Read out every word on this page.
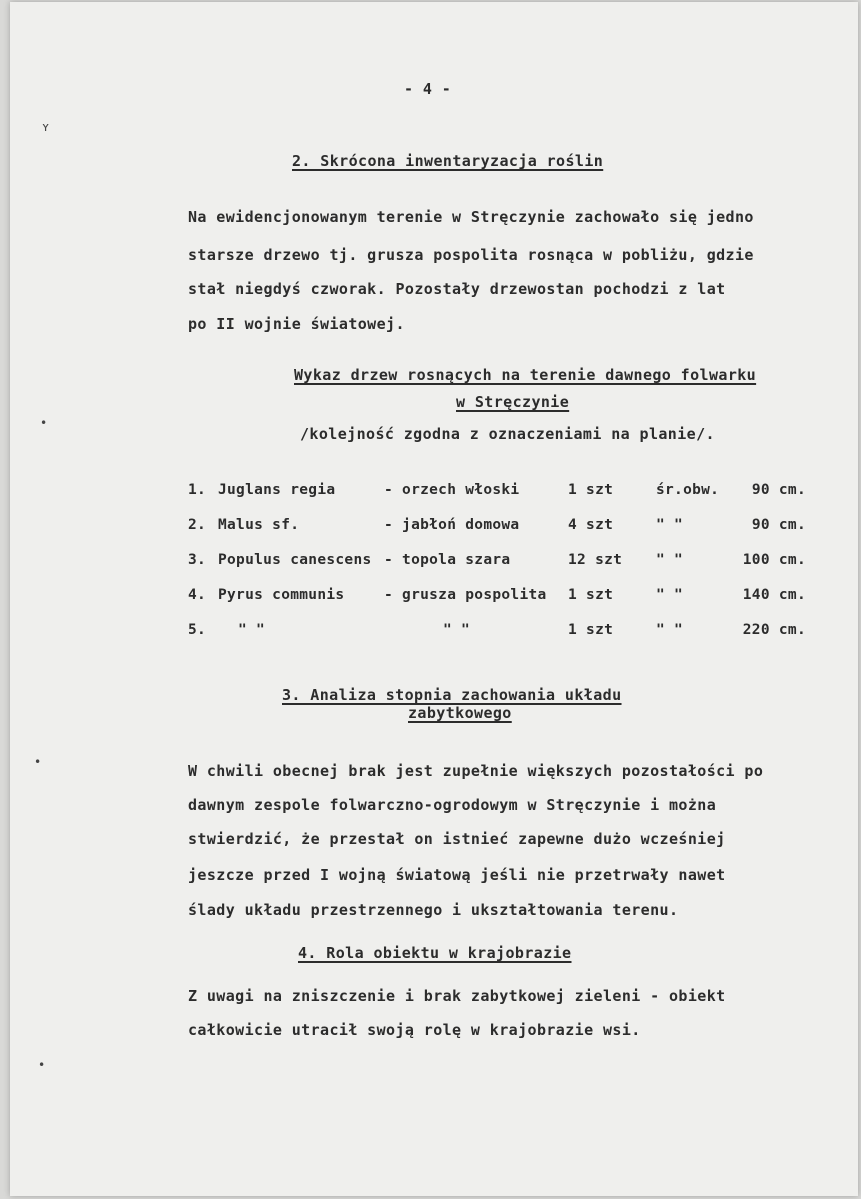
ʏ
•
•
•
- 4 -
2. Skrócona inwentaryzacja roślin
Na ewidencjonowanym terenie w Stręczynie zachowało się jedno
starsze drzewo tj. grusza pospolita rosnąca w pobliżu, gdzie
stał niegdyś czworak. Pozostały drzewostan pochodzi z lat
po II wojnie światowej.
Wykaz drzew rosnących na terenie dawnego folwarku
w Stręczynie
/kolejność zgodna z oznaczeniami na planie/.
1. Juglans regia	- orzech włoski	1 szt	śr.obw. 90 cm.
2. Malus sf.	- jabłoń domowa	4 szt	" "	90 cm.
3. Populus canescens - topola szara	12 szt " "	100 cm.
4. Pyrus communis	- grusza pospolita 1 szt	" "	140 cm.
5. " "	" "	1 szt	" "	220 cm.
3. Analiza stopnia zachowania układu
zabytkowego
W chwili obecnej brak jest zupełnie większych pozostałości po
dawnym zespole folwarczno-ogrodowym w Stręczynie i można
stwierdzić, że przestał on istnieć zapewne dużo wcześniej
jeszcze przed I wojną światową jeśli nie przetrwały nawet
ślady układu przestrzennego i ukształtowania terenu.
4. Rola obiektu w krajobrazie
Z uwagi na zniszczenie i brak zabytkowej zieleni - obiekt
całkowicie utracił swoją rolę w krajobrazie wsi.
